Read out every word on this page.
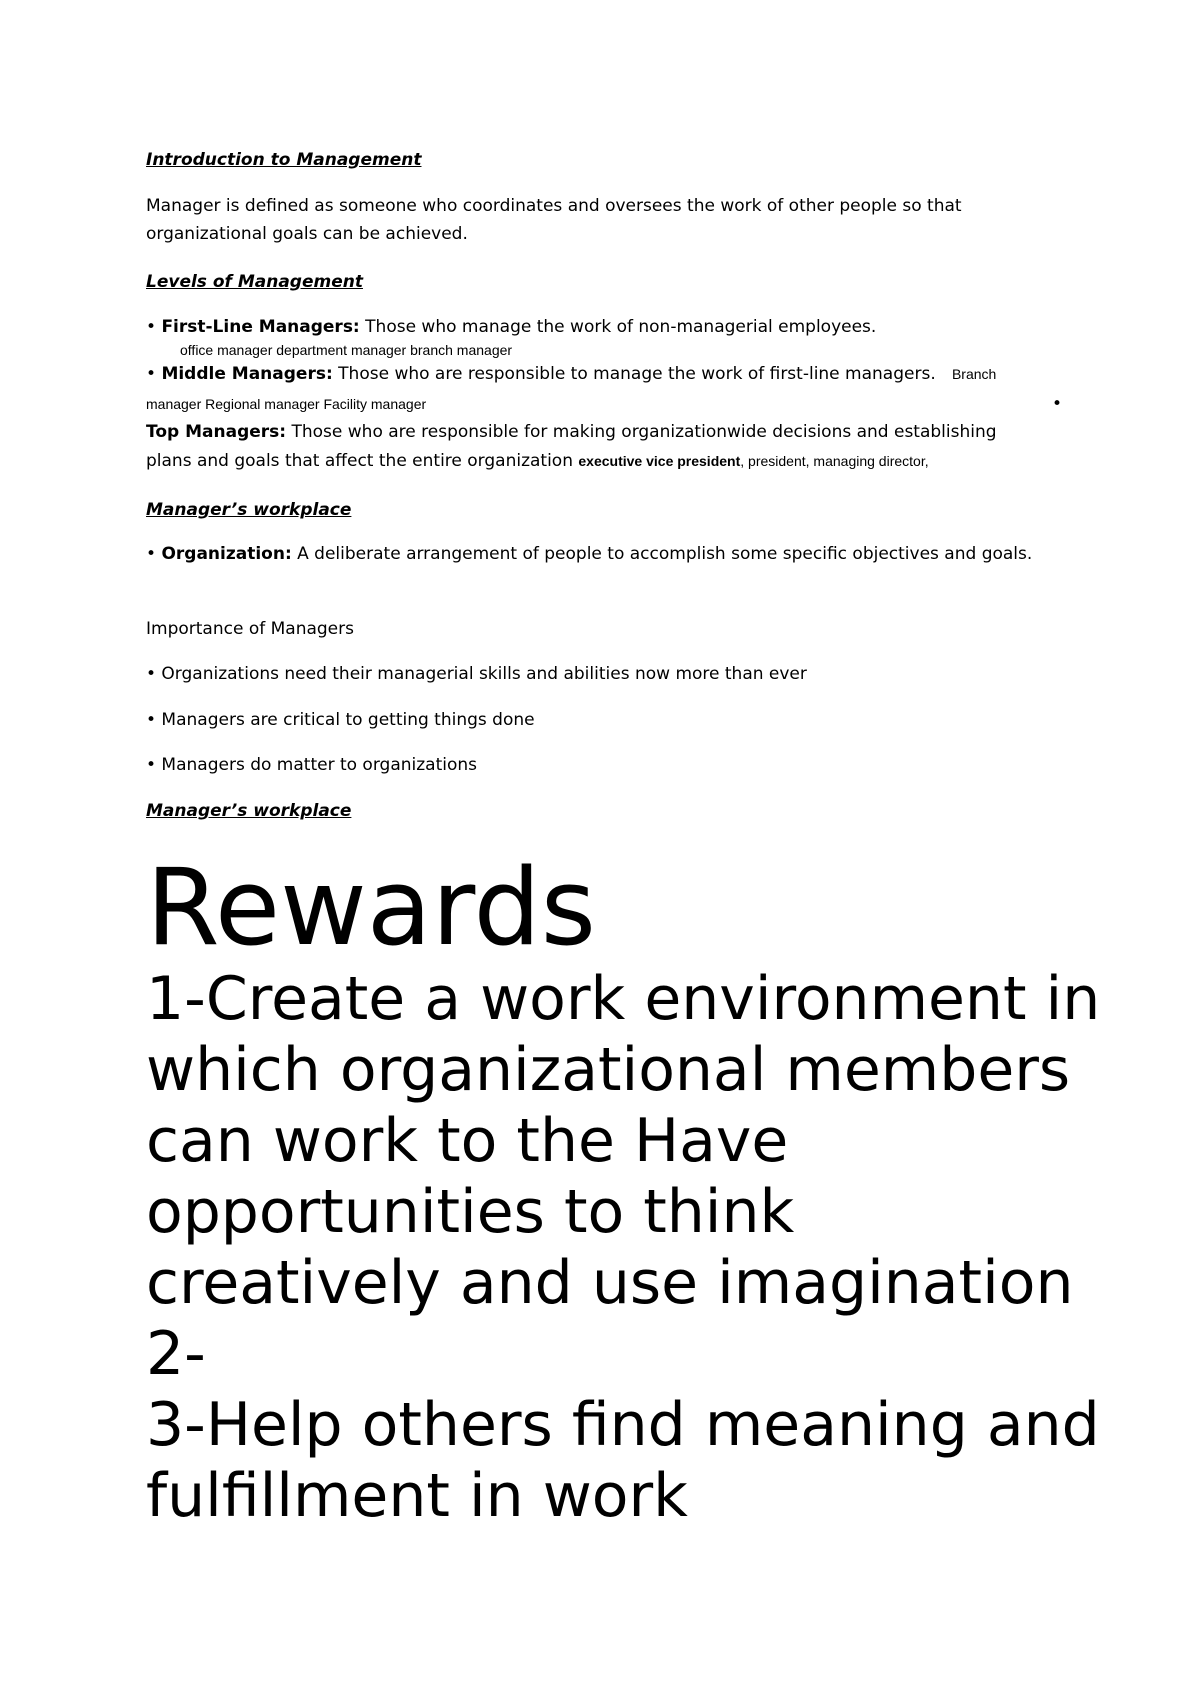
Introduction to Management
Manager is defined as someone who coordinates and oversees the work of other people so that organizational goals can be achieved.
Levels of Management
• First-Line Managers: Those who manage the work of non-managerial employees.
office manager department manager branch manager
• Middle Managers: Those who are responsible to manage the work of first-line managers. Branch
manager Regional manager Facility manager	•
Top Managers: Those who are responsible for making organizationwide decisions and establishing
plans and goals that affect the entire organization executive vice president, president, managing director,
Manager’s workplace
• Organization: A deliberate arrangement of people to accomplish some specific objectives and goals.
Importance of Managers
• Organizations need their managerial skills and abilities now more than ever
• Managers are critical to getting things done
• Managers do matter to organizations
Manager’s workplace
Rewards
1-Create a work environment in which organizational members can work to the Have opportunities to think creatively and use imagination 2-
3-Help others find meaning and fulfillment in work
